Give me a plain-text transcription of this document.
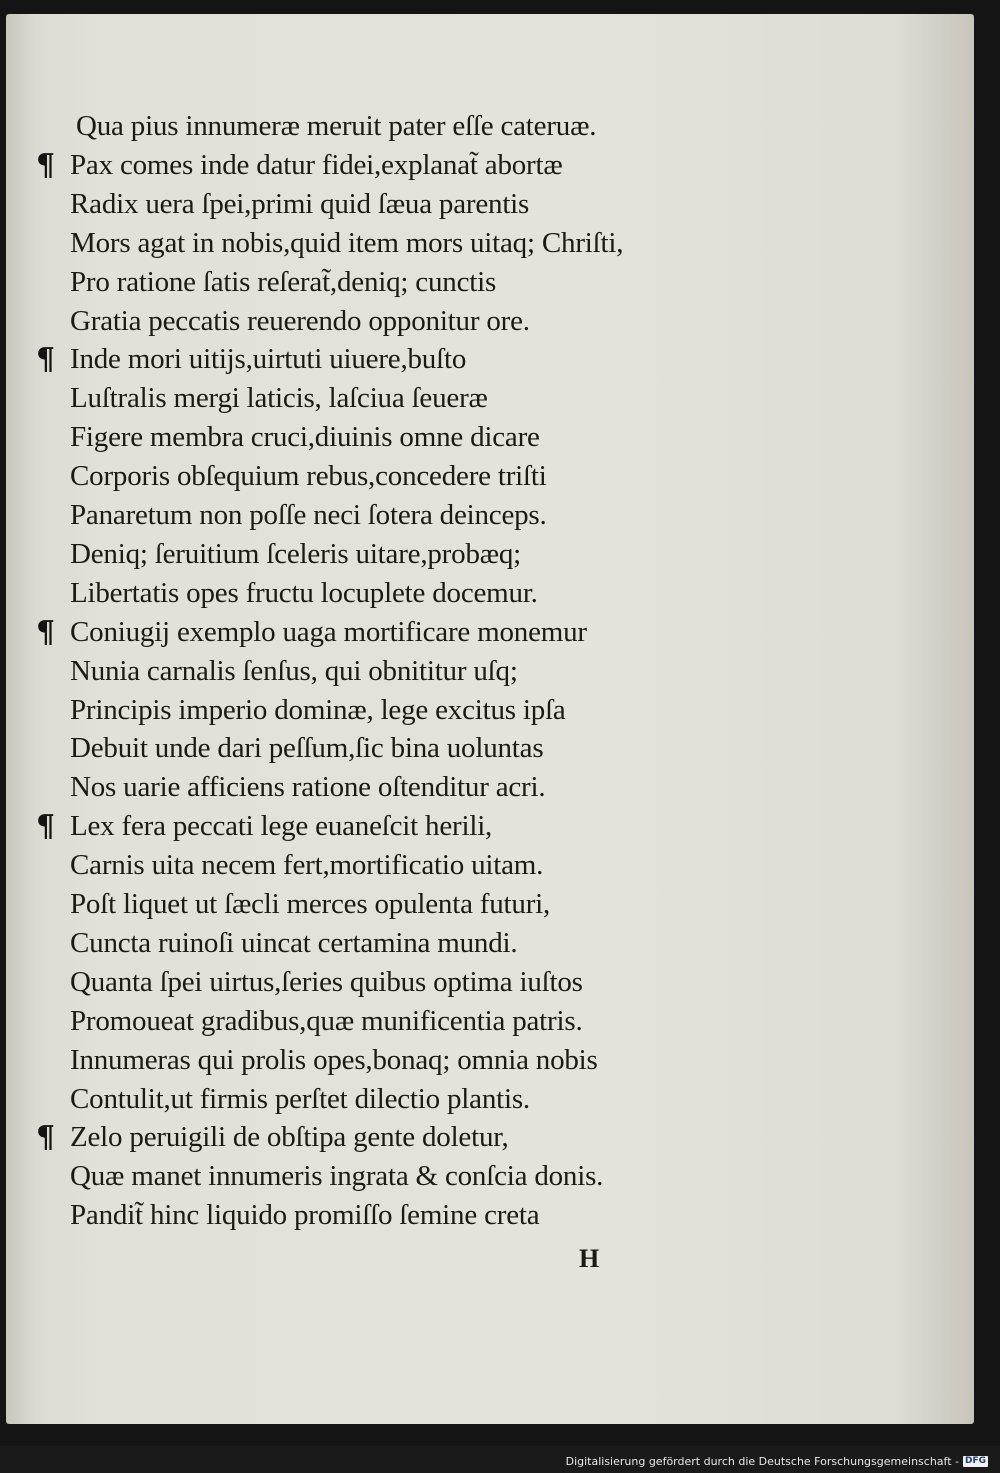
Qua pius innumeræ meruit pater eſſe cateruæ.
¶ Pax comes inde datur fidei,explanat̃ abortæ
Radix uera ſpei,primi quid ſæua parentis
Mors agat in nobis,quid item mors uitaq; Chriſti,
Pro ratione ſatis reſerat̃,deniq; cunctis
Gratia peccatis reuerendo opponitur ore.
¶ Inde mori uitijs,uirtuti uiuere,buſto
Luſtralis mergi laticis, laſciua ſeueræ
Figere membra cruci,diuinis omne dicare
Corporis obſequium rebus,concedere triſti
Panaretum non poſſe neci ſotera deinceps.
Deniq; ſeruitium ſceleris uitare,probæq;
Libertatis opes fructu locuplete docemur.
¶ Coniugij exemplo uaga mortificare monemur
Nunia carnalis ſenſus, qui obnititur uſq;
Principis imperio dominæ, lege excitus ipſa
Debuit unde dari peſſum,ſic bina uoluntas
Nos uarie afficiens ratione oſtenditur acri.
¶ Lex fera peccati lege euaneſcit herili,
Carnis uita necem fert,mortificatio uitam.
Poſt liquet ut ſæcli merces opulenta futuri,
Cuncta ruinoſi uincat certamina mundi.
Quanta ſpei uirtus,ſeries quibus optima iuſtos
Promoueat gradibus,quæ munificentia patris.
Innumeras qui prolis opes,bonaq; omnia nobis
Contulit,ut firmis perſtet dilectio plantis.
¶ Zelo peruigili de obſtipa gente doletur,
Quæ manet innumeris ingrata & conſcia donis.
Pandit̃ hinc liquido promiſſo ſemine creta
H
Digitalisierung gefördert durch die Deutsche Forschungsgemeinschaft - DFG
